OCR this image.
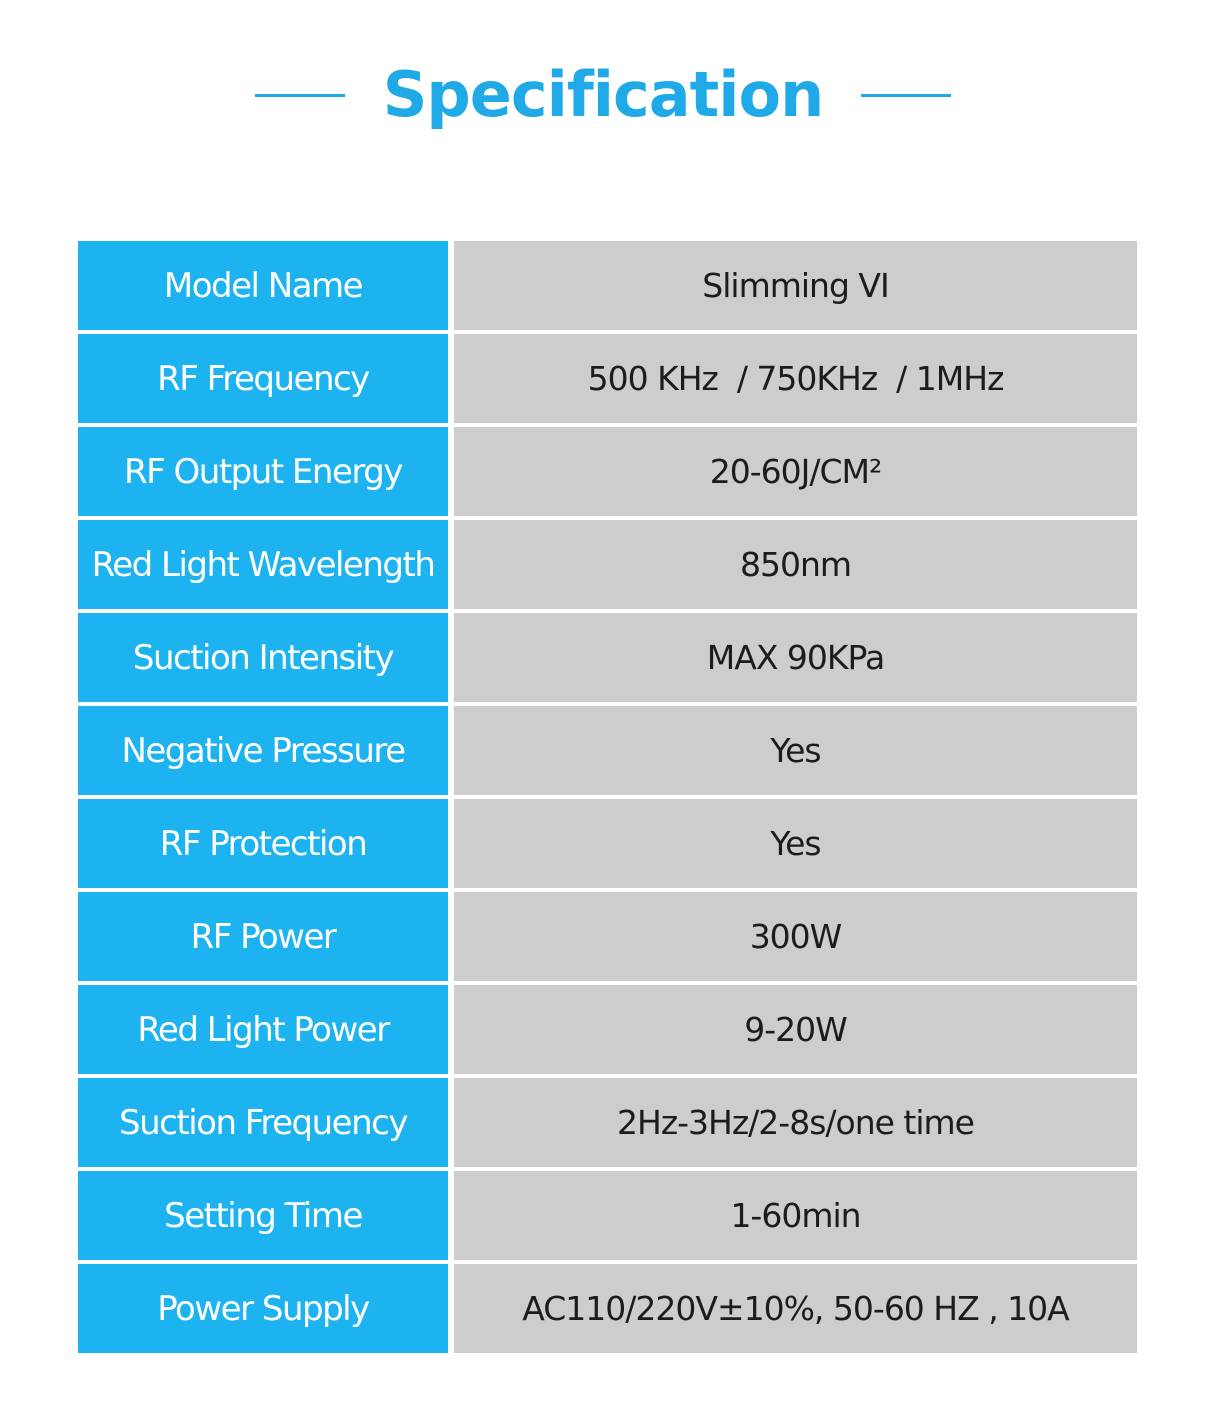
Specification
Model Name	Slimming VI
RF Frequency	500 KHz  / 750KHz  / 1MHz
RF Output Energy	20-60J/CM²
Red Light Wavelength	850nm
Suction Intensity	MAX 90KPa
Negative Pressure	Yes
RF Protection	Yes
RF Power	300W
Red Light Power	9-20W
Suction Frequency	2Hz-3Hz/2-8s/one time
Setting Time	1-60min
Power Supply	AC110/220V±10%, 50-60 HZ , 10A
